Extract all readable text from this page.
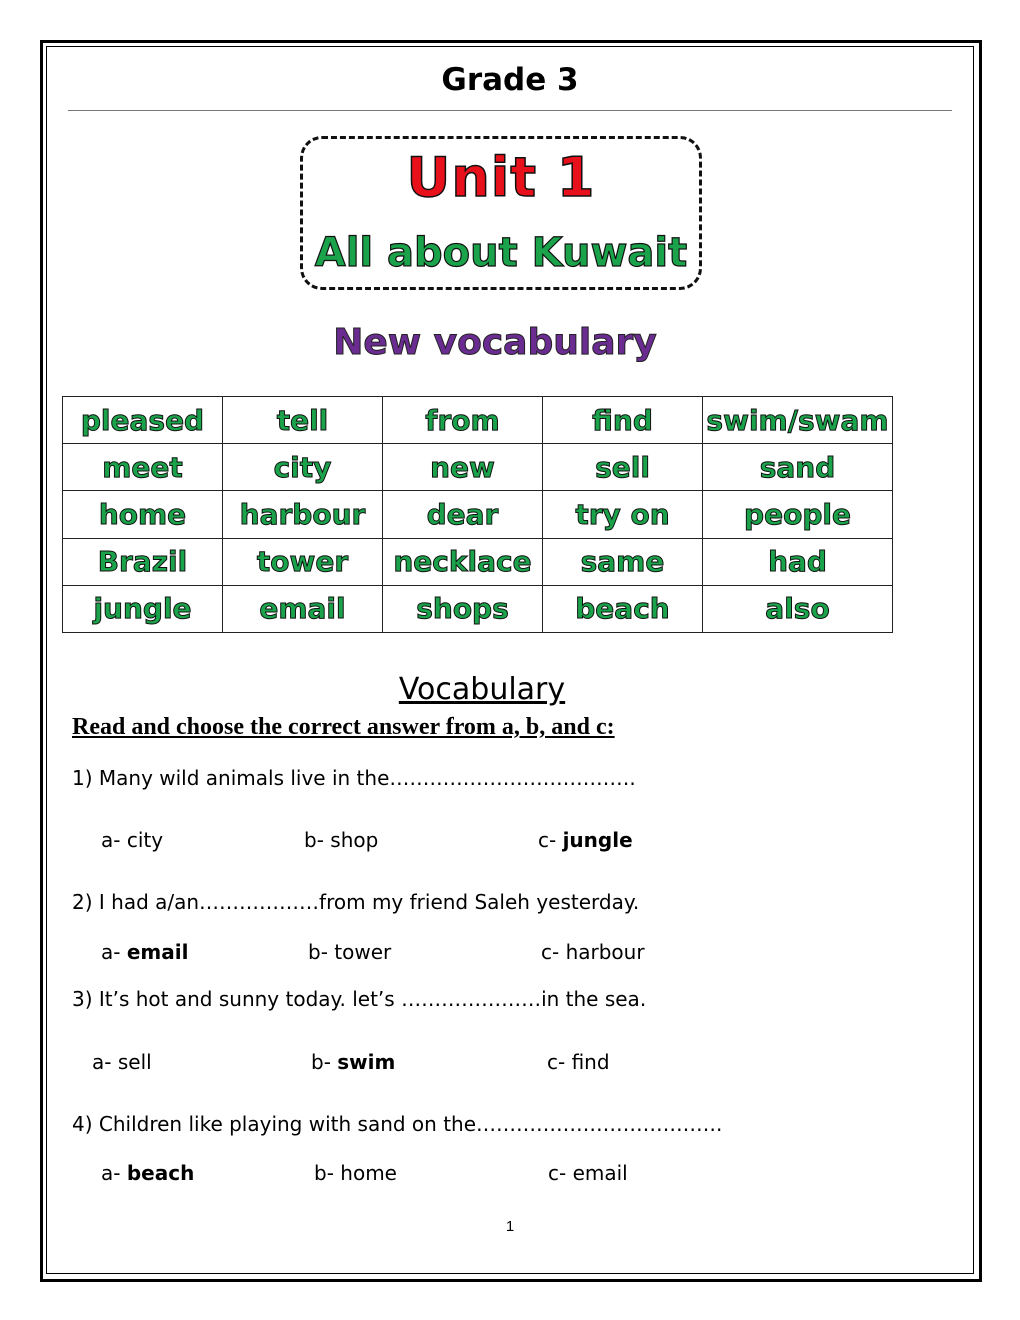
Grade 3
Unit 1
All about Kuwait
New vocabulary
pleased	tell	from	find	swim/swam
meet	city	new	sell	sand
home	harbour	dear	try on	people
Brazil	tower	necklace	same	had
jungle	email	shops	beach	also
Vocabulary
Read and choose the correct answer from a, b, and c:
1) Many wild animals live in the……………………………….
a- city	b- shop	c- jungle
2) I had a/an………………from my friend Saleh yesterday.
a- email	b- tower	c- harbour
3) It’s hot and sunny today. let’s …………………in the sea.
a- sell	b- swim	c- find
4) Children like playing with sand on the……………………………….
a- beach	b- home	c- email
1
